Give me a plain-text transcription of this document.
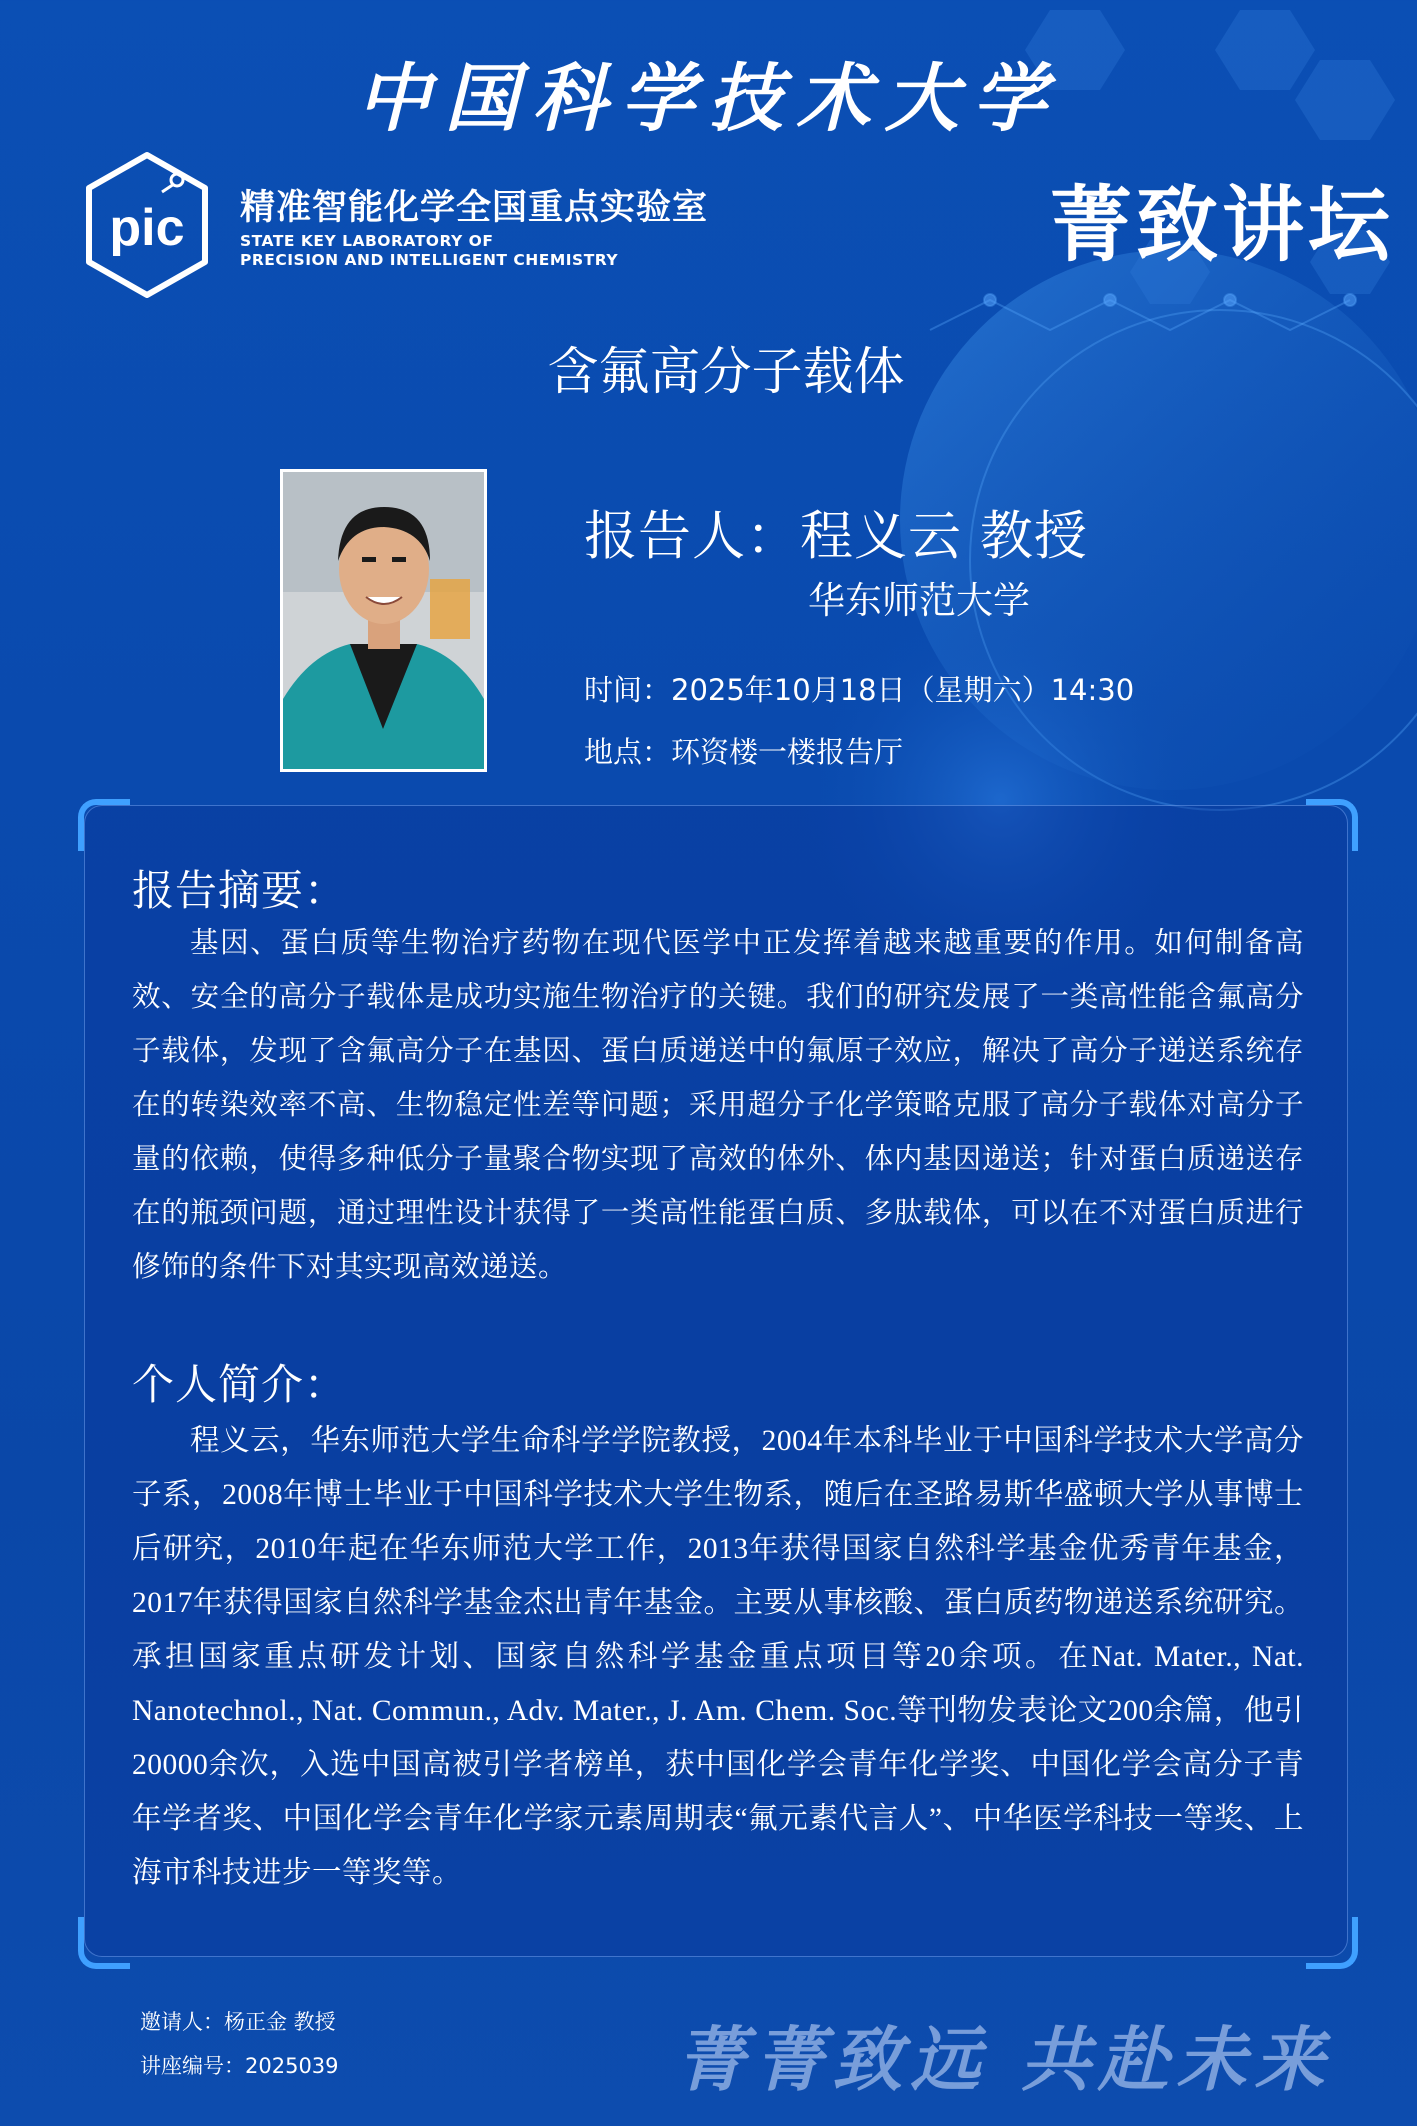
中国科学技术大学
pic 精准智能化学全国重点实验室
STATE KEY LABORATORY OF
PRECISION AND INTELLIGENT CHEMISTRY	菁致讲坛
含氟高分子载体
报告人：程义云 教授
华东师范大学
时间：2025年10月18日（星期六）14:30
地点：环资楼一楼报告厅
报告摘要：
基因、蛋白质等生物治疗药物在现代医学中正发挥着越来越重要的作用。如何制备高效、安全的高分子载体是成功实施生物治疗的关键。我们的研究发展了一类高性能含氟高分子载体，发现了含氟高分子在基因、蛋白质递送中的氟原子效应，解决了高分子递送系统存在的转染效率不高、生物稳定性差等问题；采用超分子化学策略克服了高分子载体对高分子量的依赖，使得多种低分子量聚合物实现了高效的体外、体内基因递送；针对蛋白质递送存在的瓶颈问题，通过理性设计获得了一类高性能蛋白质、多肽载体，可以在不对蛋白质进行修饰的条件下对其实现高效递送。
个人简介：
程义云，华东师范大学生命科学学院教授，2004年本科毕业于中国科学技术大学高分子系，2008年博士毕业于中国科学技术大学生物系，随后在圣路易斯华盛顿大学从事博士后研究，2010年起在华东师范大学工作，2013年获得国家自然科学基金优秀青年基金，2017年获得国家自然科学基金杰出青年基金。主要从事核酸、蛋白质药物递送系统研究。承担国家重点研发计划、国家自然科学基金重点项目等20余项。在Nat. Mater., Nat. Nanotechnol., Nat. Commun., Adv. Mater., J. Am. Chem. Soc.等刊物发表论文200余篇，他引20000余次，入选中国高被引学者榜单，获中国化学会青年化学奖、中国化学会高分子青年学者奖、中国化学会青年化学家元素周期表“氟元素代言人”、中华医学科技一等奖、上海市科技进步一等奖等。
邀请人：杨正金 教授
讲座编号：2025039	菁菁致远 共赴未来
